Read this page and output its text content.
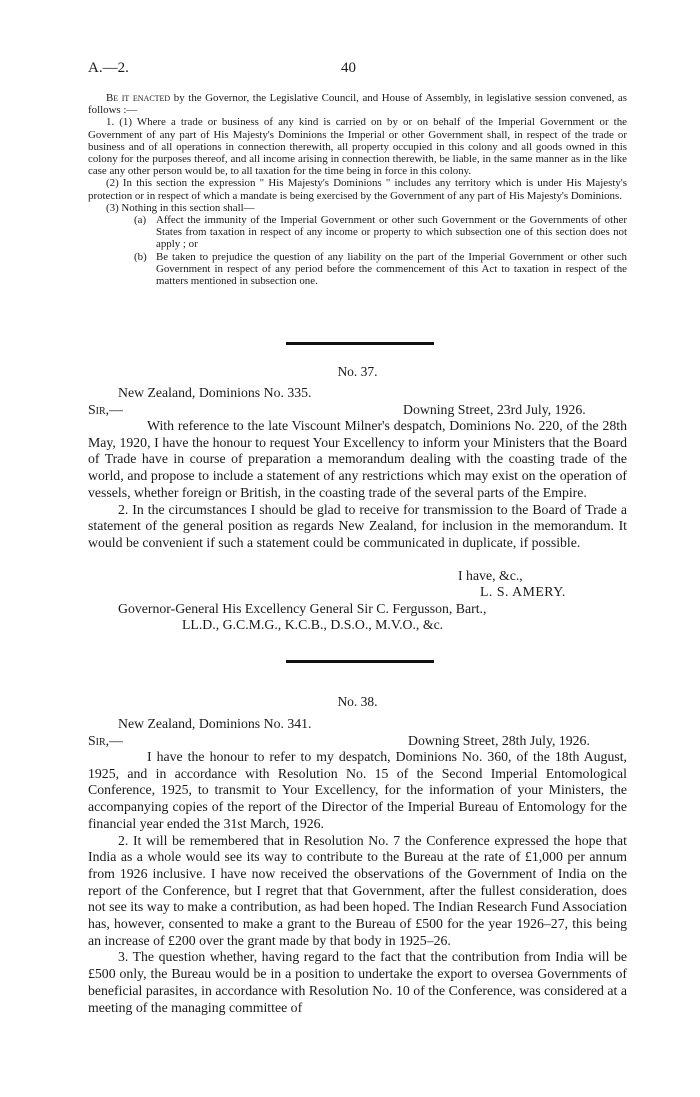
A.—2.	40

Be it enacted by the Governor, the Legislative Council, and House of Assembly, in legislative session convened, as follows :—

1. (1) Where a trade or business of any kind is carried on by or on behalf of the Imperial Government or the Government of any part of His Majesty's Dominions the Imperial or other Government shall, in respect of the trade or business and of all operations in connection therewith, all property occupied in this colony and all goods owned in this colony for the purposes thereof, and all income arising in connection therewith, be liable, in the same manner as in the like case any other person would be, to all taxation for the time being in force in this colony.

(2) In this section the expression " His Majesty's Dominions " includes any territory which is under His Majesty's protection or in respect of which a mandate is being exercised by the Government of any part of His Majesty's Dominions.

(3) Nothing in this section shall—

(a) Affect the immunity of the Imperial Government or other such Government or the Governments of other States from taxation in respect of any income or property to which subsection one of this section does not apply ; or
(b) Be taken to prejudice the question of any liability on the part of the Imperial Government or other such Government in respect of any period before the commencement of this Act to taxation in respect of the matters mentioned in subsection one.
No. 37.
New Zealand, Dominions No. 335.
Sir,—	Downing Street, 23rd July, 1926.

With reference to the late Viscount Milner's despatch, Dominions No. 220, of the 28th May, 1920, I have the honour to request Your Excellency to inform your Ministers that the Board of Trade have in course of preparation a memorandum dealing with the coasting trade of the world, and propose to include a statement of any restrictions which may exist on the operation of vessels, whether foreign or British, in the coasting trade of the several parts of the Empire.

2. In the circumstances I should be glad to receive for transmission to the Board of Trade a statement of the general position as regards New Zealand, for inclusion in the memorandum. It would be convenient if such a statement could be communicated in duplicate, if possible.

I have, &c.,
L. S. AMERY.
Governor-General His Excellency General Sir C. Fergusson, Bart.,
LL.D., G.C.M.G., K.C.B., D.S.O., M.V.O., &c.
No. 38.
New Zealand, Dominions No. 341.
Sir,—	Downing Street, 28th July, 1926.

I have the honour to refer to my despatch, Dominions No. 360, of the 18th August, 1925, and in accordance with Resolution No. 15 of the Second Imperial Entomological Conference, 1925, to transmit to Your Excellency, for the information of your Ministers, the accompanying copies of the report of the Director of the Imperial Bureau of Entomology for the financial year ended the 31st March, 1926.

2. It will be remembered that in Resolution No. 7 the Conference expressed the hope that India as a whole would see its way to contribute to the Bureau at the rate of £1,000 per annum from 1926 inclusive. I have now received the observations of the Government of India on the report of the Conference, but I regret that that Government, after the fullest consideration, does not see its way to make a contribution, as had been hoped. The Indian Research Fund Association has, however, consented to make a grant to the Bureau of £500 for the year 1926–27, this being an increase of £200 over the grant made by that body in 1925–26.

3. The question whether, having regard to the fact that the contribution from India will be £500 only, the Bureau would be in a position to undertake the export to oversea Governments of beneficial parasites, in accordance with Resolution No. 10 of the Conference, was considered at a meeting of the managing committee of
